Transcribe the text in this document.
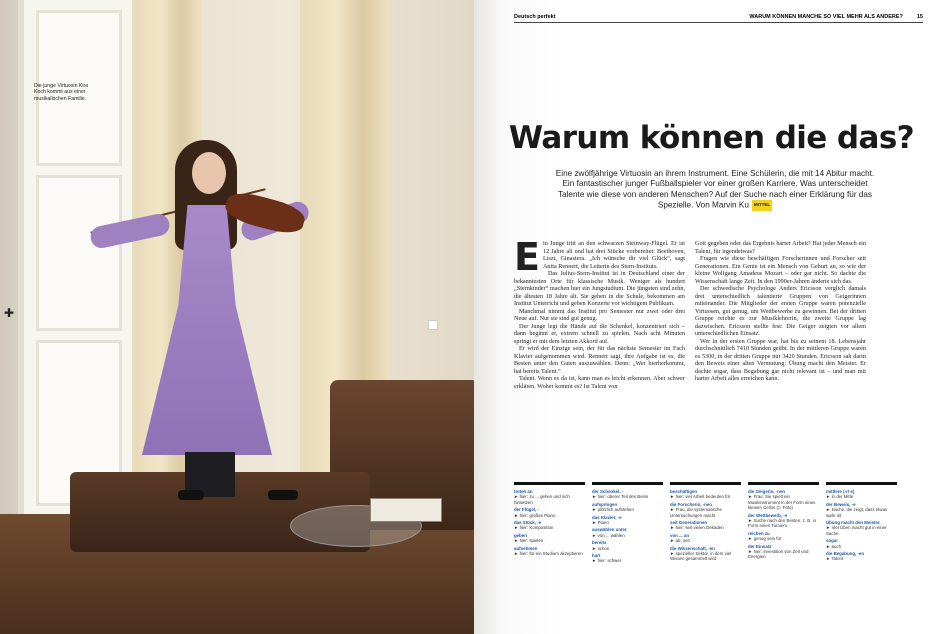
Die junge Virtuosin Kira Koch kommt aus einer musikalischen Familie.
✚
Deutsch perfekt	WARUM KÖNNEN MANCHE SO VIEL MEHR ALS ANDERE?	15
Warum können die das?
Eine zwölfjährige Virtuosin an ihrem Instrument. Eine Schülerin, die mit 14 Abitur macht. Ein fantastischer junger Fußballspieler vor einer großen Karriere. Was unterscheidet Talente wie diese von anderen Menschen? Auf der Suche nach einer Erklärung für das Spezielle. Von Marvin Ku MITTEL

Ein Junge tritt an den schwarzen Steinway-Flügel. Er ist 12 Jahre alt und hat drei Stücke vorbereitet: Beethoven, Liszt, Ginastera. „Ich wünsche dir viel Glück“, sagt Anita Rennert, die Leiterin des Stern-Instituts.

Das Julius-Stern-Institut ist in Deutschland einer der bekanntesten Orte für klassische Musik. Weniger als hundert „Sternkinder“ machen hier ein Jungstudium. Die jüngsten sind zehn, die ältesten 18 Jahre alt. Sie gehen in die Schule, bekommen am Institut Unterricht und geben Konzerte vor wichtigem Publikum.

Manchmal nimmt das Institut pro Semester nur zwei oder drei Neue auf. Nur sie sind gut genug.

Der Junge legt die Hände auf die Schenkel, konzentriert sich – dann beginnt er, extrem schnell zu spielen. Nach acht Minuten springt er mit dem letzten Akkord auf.

Er wird der Einzige sein, der für das nächste Semester im Fach Klavier aufgenommen wird. Rennert sagt, ihre Aufgabe ist es, die Besten unter den Guten auszuwählen. Denn: „Wer hierherkommt, hat bereits Talent.“

Talent. Wenn es da ist, kann man es leicht erkennen. Aber schwer erklären. Woher kommt es? Ist Talent von

Gott gegeben oder das Ergebnis harter Arbeit? Hat jeder Mensch ein Talent, für irgendetwas?

Fragen wie diese beschäftigen Forscherinnen und Forscher seit Generationen. Ein Genie ist ein Mensch von Geburt an, so wie der kleine Wolfgang Amadeus Mozart – oder gar nicht. So dachte die Wissenschaft lange Zeit. In den 1990er-Jahren änderte sich das.

Der schwedische Psychologe Anders Ericsson verglich damals drei unterschiedlich talentierte Gruppen von Geigerinnen miteinander. Die Mitglieder der ersten Gruppe waren potenzielle Virtuosen, gut genug, um Wettbewerbe zu gewinnen. Bei der dritten Gruppe reichte es zur Musiklehrerin, die zweite Gruppe lag dazwischen. Ericsson stellte fest: Die Geiger zeigten vor allem unterschiedlichen Einsatz.

Wer in der ersten Gruppe war, hat bis zu seinem 18. Lebensjahr durchschnittlich 7410 Stunden geübt. In der mittleren Gruppe waren es 5300, in der dritten Gruppe nur 3420 Stunden. Ericsson sah darin den Beweis einer alten Vermutung: Übung macht den Meister. Er dachte sogar, dass Begabung gar nicht relevant ist – und man mit harter Arbeit alles erreichen kann.

treten an
► hier: zu ... gehen und sich hinsetzen
der Flügel, -
► hier: großes Piano
das Stück, -e
► hier: Komposition
geben
► hier: spielen
aufnehmen
► hier: für ein Studium akzeptieren
der Schenkel, -
► hier: oberer Teil des Beins
aufspringen
► plötzlich aufstehen
das Klavier, -e
► Piano
auswählen unter
► von ... wählen
bereits
► schon
hart
► hier: schwer
beschäftigen
► hier: viel Arbeit bedeuten für
die Forscherin, -nen
► Frau, die systematische Untersuchungen macht
seit Generationen
► hier: seit vielen Dekaden
von ... an
► ab; seit
die Wissenschaft, -en
► spezieller Sektor, in dem viel Wissen gesammelt wird
die Geigerin, -nen
► Frau: Sie spielt ein Musikinstrument in der Form eines kleinen Cellos (▷ Foto)
der Wettbewerb, -e
► Suche nach den Besten, z. B. in Form eines Turniers
reichen zu
► genug sein für
der Einsatz
► hier: Investition von Zeit und Energien
mittlere (-r/-s)
► in der Mitte
der Beweis, -e
► Sache, die zeigt, dass etwas wahr ist
Übung macht den Meister.
► Viel Üben macht gut in einer Sache.
sogar
► auch
die Begabung, -en
► Talent
